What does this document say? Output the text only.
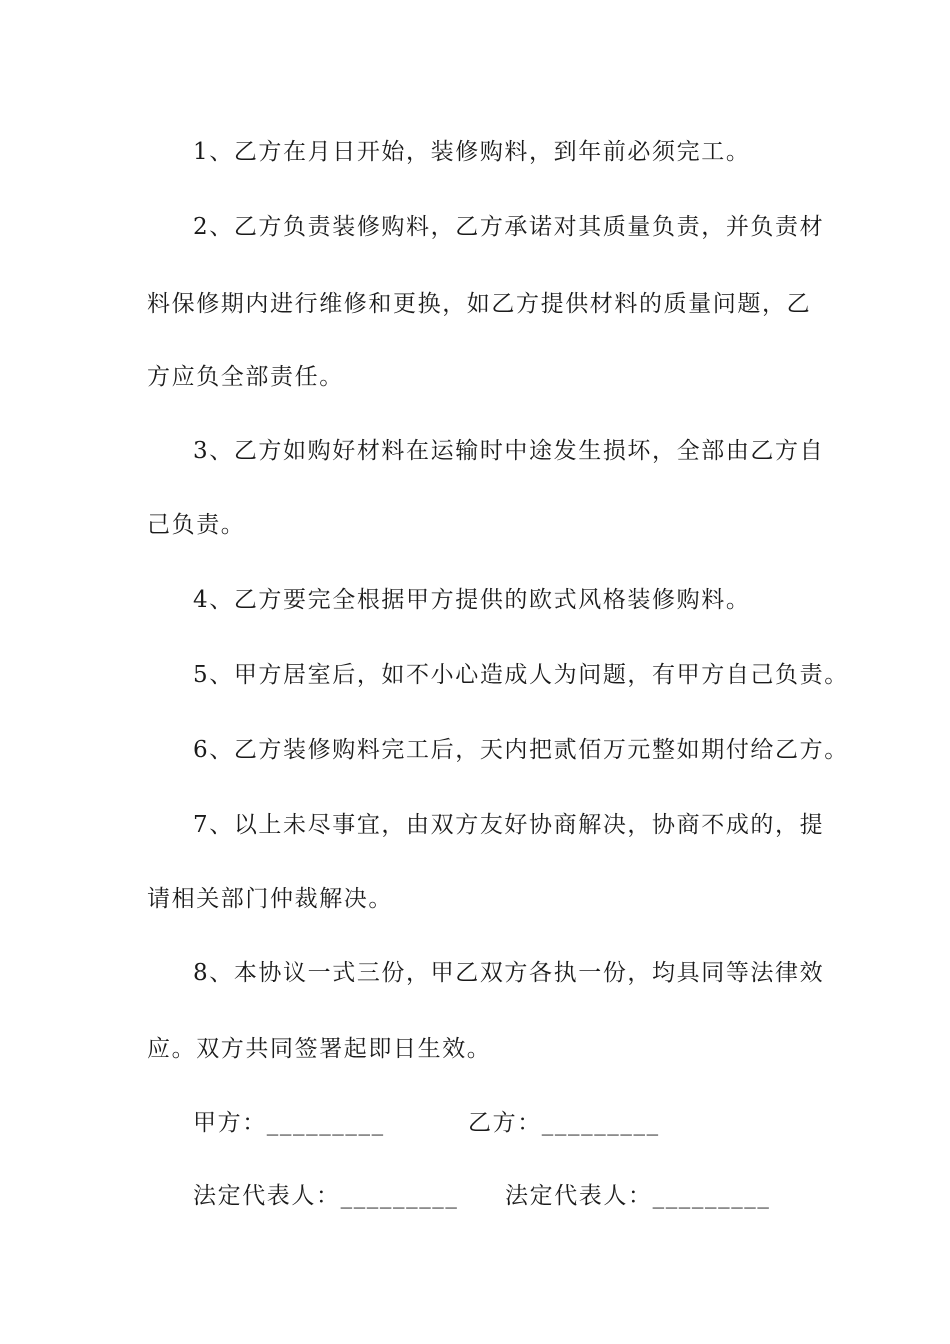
1、乙方在月日开始，装修购料，到年前必须完工。
2、乙方负责装修购料，乙方承诺对其质量负责，并负责材
料保修期内进行维修和更换，如乙方提供材料的质量问题，乙
方应负全部责任。
3、乙方如购好材料在运输时中途发生损坏，全部由乙方自
己负责。
4、乙方要完全根据甲方提供的欧式风格装修购料。
5、甲方居室后，如不小心造成人为问题，有甲方自己负责。
6、乙方装修购料完工后，天内把贰佰万元整如期付给乙方。
7、以上未尽事宜，由双方友好协商解决，协商不成的，提
请相关部门仲裁解决。
8、本协议一式三份，甲乙双方各执一份，均具同等法律效
应。双方共同签署起即日生效。
甲方：_________	乙方：_________
法定代表人：_________ 法定代表人：_________
